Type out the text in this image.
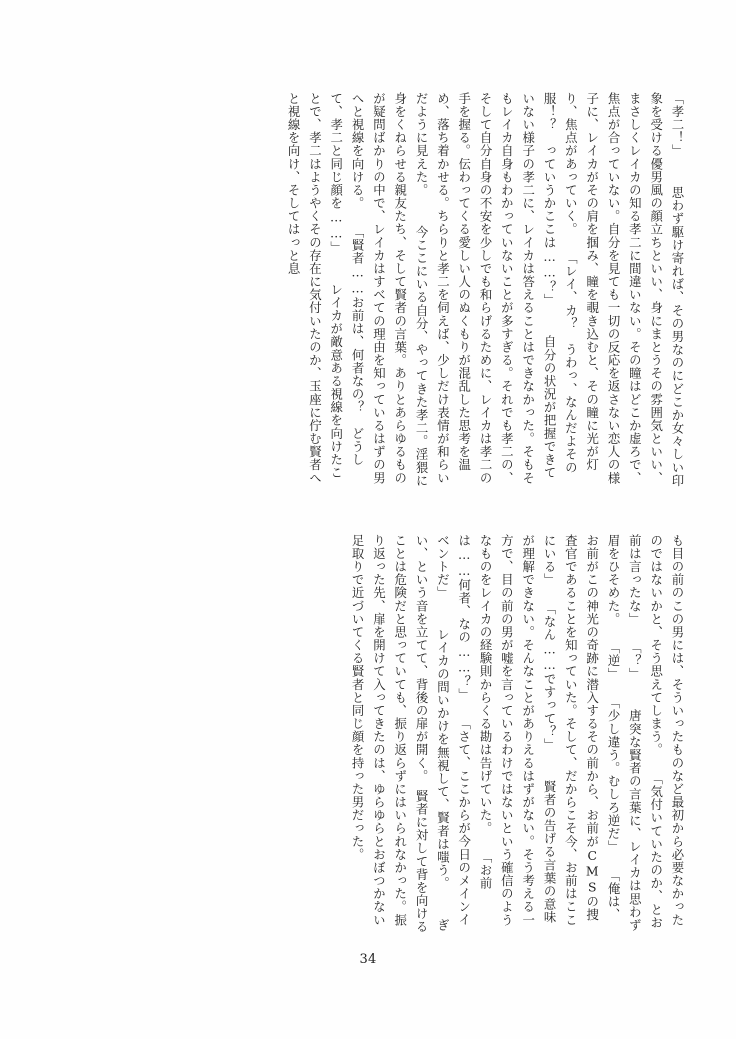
も目の前のこの男には、そういったものなど最初から必要なかったのではないかと、そう思えてしまう。 「気付いていたのか、とお前は言ったな」 「？」 　唐突な賢者の言葉に、レイカは思わず眉をひそめた。 「逆」 「少し違う。むしろ逆だ」 「俺は、お前がこの神光の奇跡に潜入するその前から、お前がCMSの捜査官であることを知っていた。そして、だからこそ今、お前はここにいる」 「なん……ですって？」 　賢者の告げる言葉の意味が理解できない。そんなことがありえるはずがない。そう考える一方で、目の前の男が嘘を言っているわけではないという確信のようなものをレイカの経験則からくる勘は告げていた。 「お前は……何者、なの……？」 「さて、ここからが今日のメインイベントだ」 　レイカの問いかけを無視して、賢者は嗤う。 　ぎい、という音を立てて、背後の扉が開く。　賢者に対して背を向けることは危険だと思っていても、振り返らずにはいられなかった。振り返った先、扉を開けて入ってきたのは、ゆらゆらとおぼつかない足取りで近づいてくる賢者と同じ顔を持った男だった。

「孝二！」 　思わず駆け寄れば、その男なのにどこか女々しい印象を受ける優男風の顔立ちといい、身にまとうその雰囲気といい、まさしくレイカの知る孝二に間違いない。その瞳はどこか虚ろで、焦点が合っていない。自分を見ても一切の反応を返さない恋人の様子に、レイカがその肩を掴み、瞳を覗き込むと、その瞳に光が灯り、焦点があっていく。 「レイ、カ？　うわっ、なんだよその服！？　っていうかここは……？」 　自分の状況が把握できていない様子の孝二に、レイカは答えることはできなかった。そもそもレイカ自身もわかっていないことが多すぎる。それでも孝二の、そして自分自身の不安を少しでも和らげるために、レイカは孝二の手を握る。伝わってくる愛しい人のぬくもりが混乱した思考を温め、落ち着かせる。ちらりと孝二を伺えば、少しだけ表情が和らいだように見えた。 　今ここにいる自分、やってきた孝二。淫猥に身をくねらせる親友たち、そして賢者の言葉。ありとあらゆるものが疑問ばかりの中で、レイカはすべての理由を知っているはずの男へと視線を向ける。 「賢者……お前は、何者なの？　どうして、孝二と同じ顔を……」 　レイカが敵意ある視線を向けたことで、孝二はようやくその存在に気付いたのか、玉座に佇む賢者へと視線を向け、そしてはっと息

34
